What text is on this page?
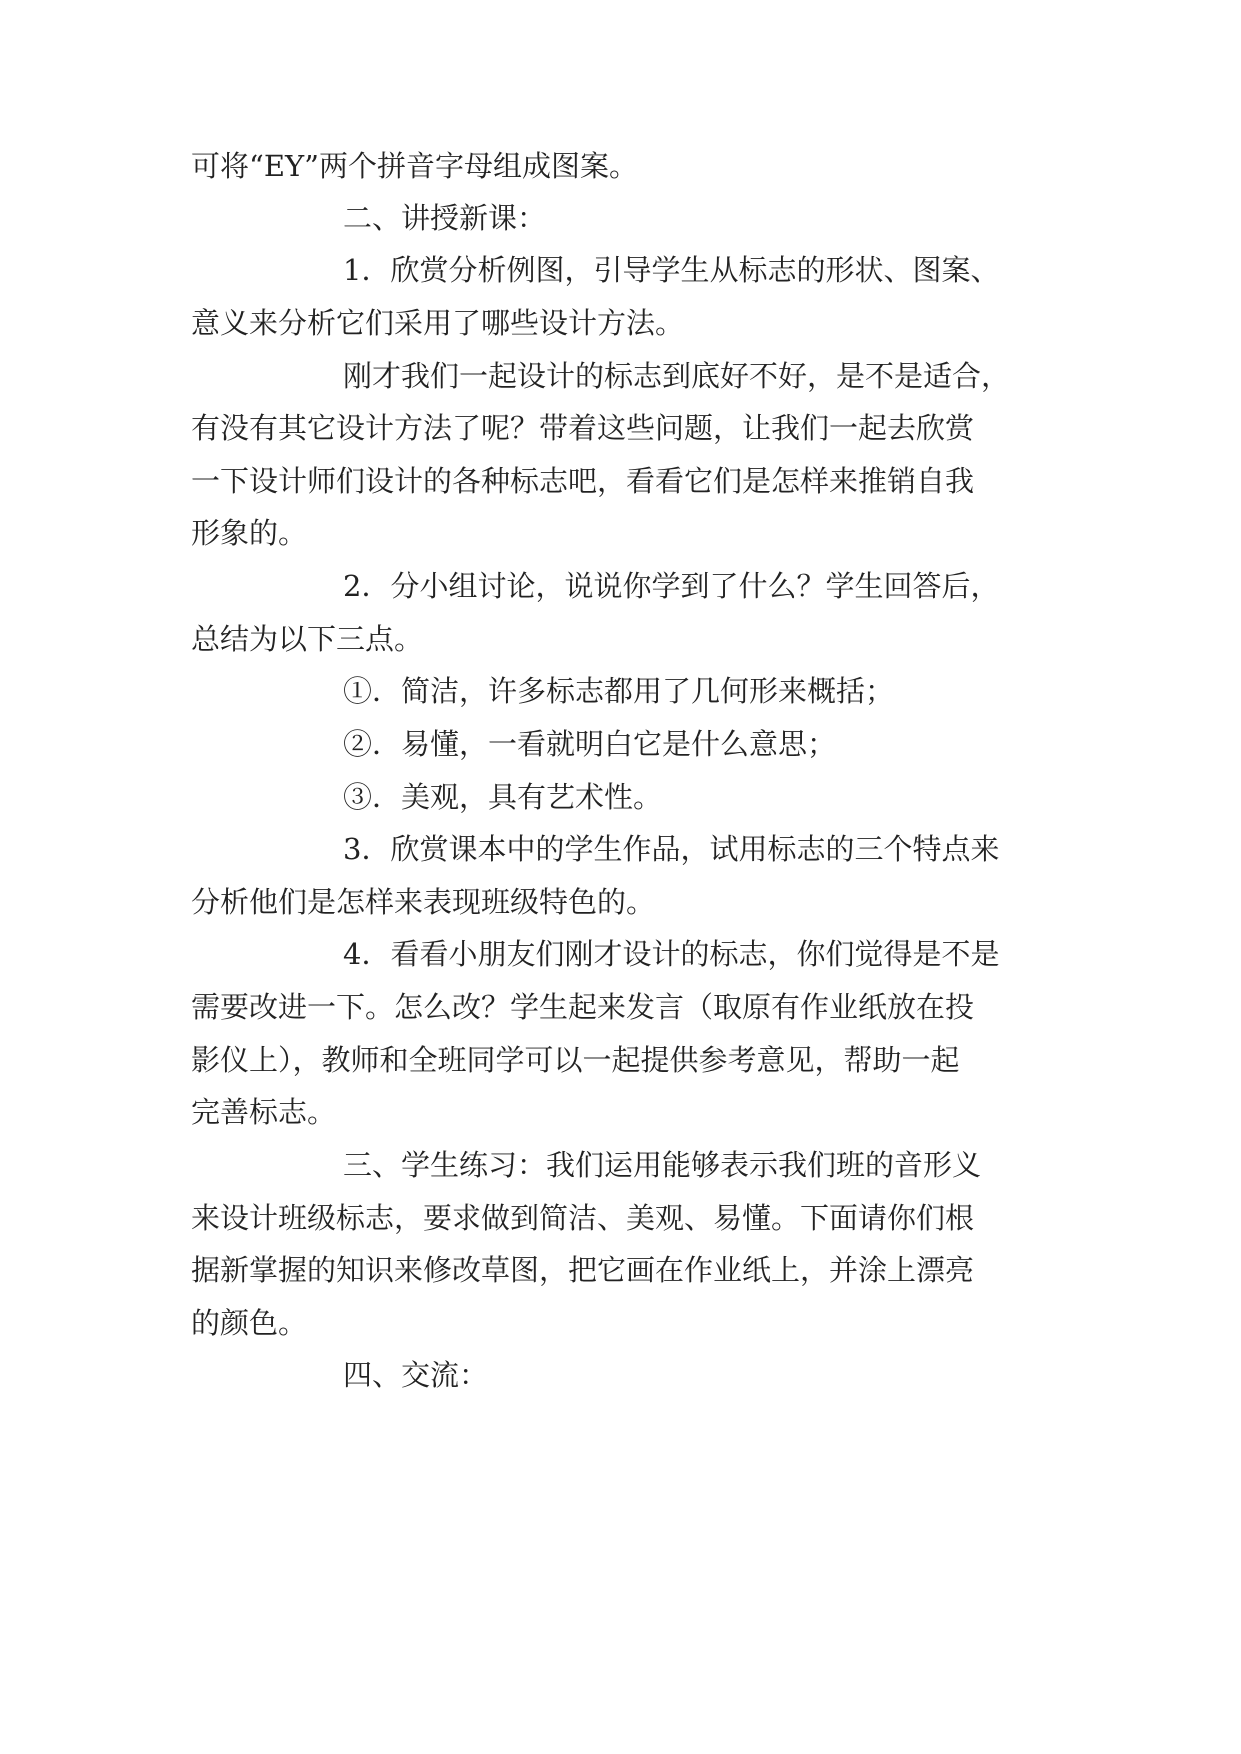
可将“EY”两个拼音字母组成图案。
二、讲授新课：
1．欣赏分析例图，引导学生从标志的形状、图案、
意义来分析它们采用了哪些设计方法。
刚才我们一起设计的标志到底好不好，是不是适合，
有没有其它设计方法了呢？带着这些问题，让我们一起去欣赏
一下设计师们设计的各种标志吧，看看它们是怎样来推销自我
形象的。
2．分小组讨论，说说你学到了什么？学生回答后，
总结为以下三点。
①．简洁，许多标志都用了几何形来概括；
②．易懂，一看就明白它是什么意思；
③．美观，具有艺术性。
3．欣赏课本中的学生作品，试用标志的三个特点来
分析他们是怎样来表现班级特色的。
4．看看小朋友们刚才设计的标志，你们觉得是不是
需要改进一下。怎么改？学生起来发言（取原有作业纸放在投
影仪上），教师和全班同学可以一起提供参考意见，帮助一起
完善标志。
三、学生练习：我们运用能够表示我们班的音形义
来设计班级标志，要求做到简洁、美观、易懂。下面请你们根
据新掌握的知识来修改草图，把它画在作业纸上，并涂上漂亮
的颜色。
四、交流：
